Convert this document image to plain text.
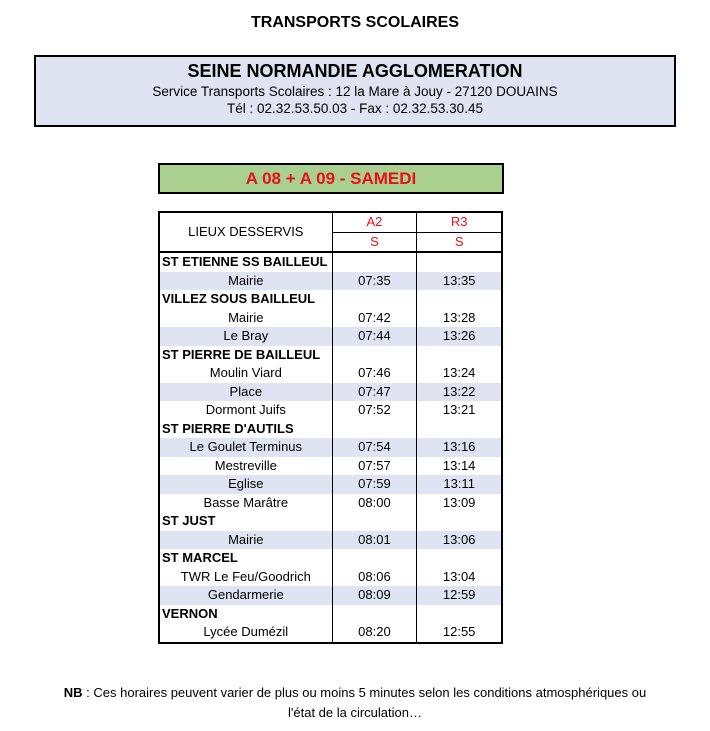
TRANSPORTS SCOLAIRES
SEINE NORMANDIE AGGLOMERATION
Service Transports Scolaires : 12 la Mare à Jouy - 27120 DOUAINS
Tél : 02.32.53.50.03 - Fax : 02.32.53.30.45
A 08 + A 09 - SAMEDI
LIEUX DESSERVIS	A2	R3
	S	S
ST ETIENNE SS BAILLEUL		
Mairie	07:35	13:35
VILLEZ SOUS BAILLEUL		
Mairie	07:42	13:28
Le Bray	07:44	13:26
ST PIERRE DE BAILLEUL		
Moulin Viard	07:46	13:24
Place	07:47	13:22
Dormont Juifs	07:52	13:21
ST PIERRE D'AUTILS		
Le Goulet Terminus	07:54	13:16
Mestreville	07:57	13:14
Eglise	07:59	13:11
Basse Marâtre	08:00	13:09
ST JUST		
Mairie	08:01	13:06
ST MARCEL		
TWR Le Feu/Goodrich	08:06	13:04
Gendarmerie	08:09	12:59
VERNON		
Lycée Dumézil	08:20	12:55
NB : Ces horaires peuvent varier de plus ou moins 5 minutes selon les conditions atmosphériques ou
l'état de la circulation…
